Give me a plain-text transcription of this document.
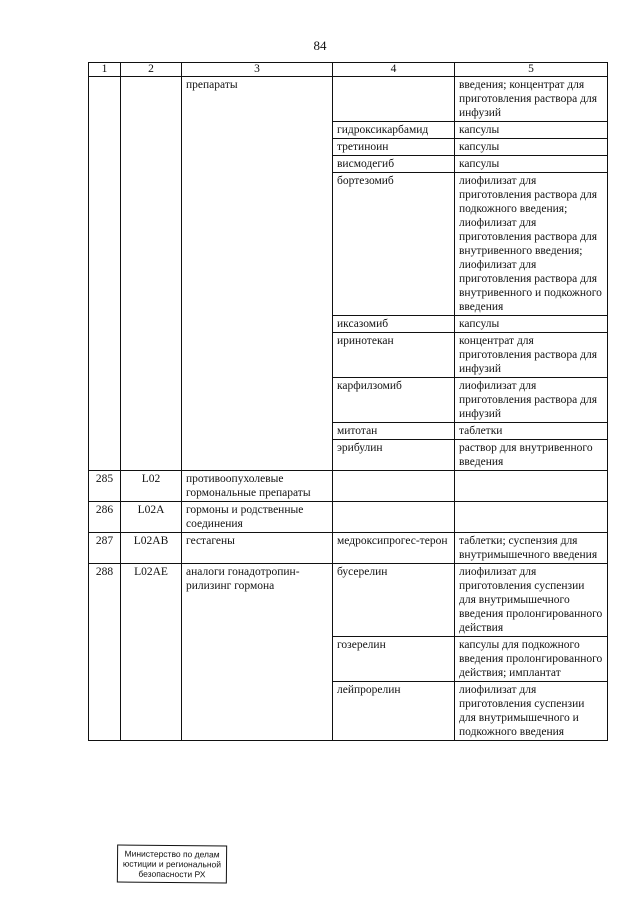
84
1	2	3	4	5
		препараты		введения; концентрат для приготовления раствора для инфузий
			гидроксикарбамид	капсулы
			третиноин	капсулы
			висмодегиб	капсулы
			бортезомиб	лиофилизат для приготовления раствора для подкожного введения; лиофилизат для приготовления раствора для внутривенного введения; лиофилизат для приготовления раствора для внутривенного и подкожного введения
			иксазомиб	капсулы
			иринотекан	концентрат для приготовления раствора для инфузий
			карфилзомиб	лиофилизат для приготовления раствора для инфузий
			митотан	таблетки
			эрибулин	раствор для внутривенного введения
285	L02	противоопухолевые гормональные препараты		
286	L02A	гормоны и родственные соединения		
287	L02AB	гестагены	медроксипрогес-терон	таблетки; суспензия для внутримышечного введения
288	L02AE	аналоги гонадотропин-рилизинг гормона	бусерелин	лиофилизат для приготовления суспензии для внутримышечного введения пролонгированного действия
			гозерелин	капсулы для подкожного введения пролонгированного действия; имплантат
			лейпрорелин	лиофилизат для приготовления суспензии для внутримышечного и подкожного введения
Министерство по делам
юстиции и региональной
безопасности РХ
